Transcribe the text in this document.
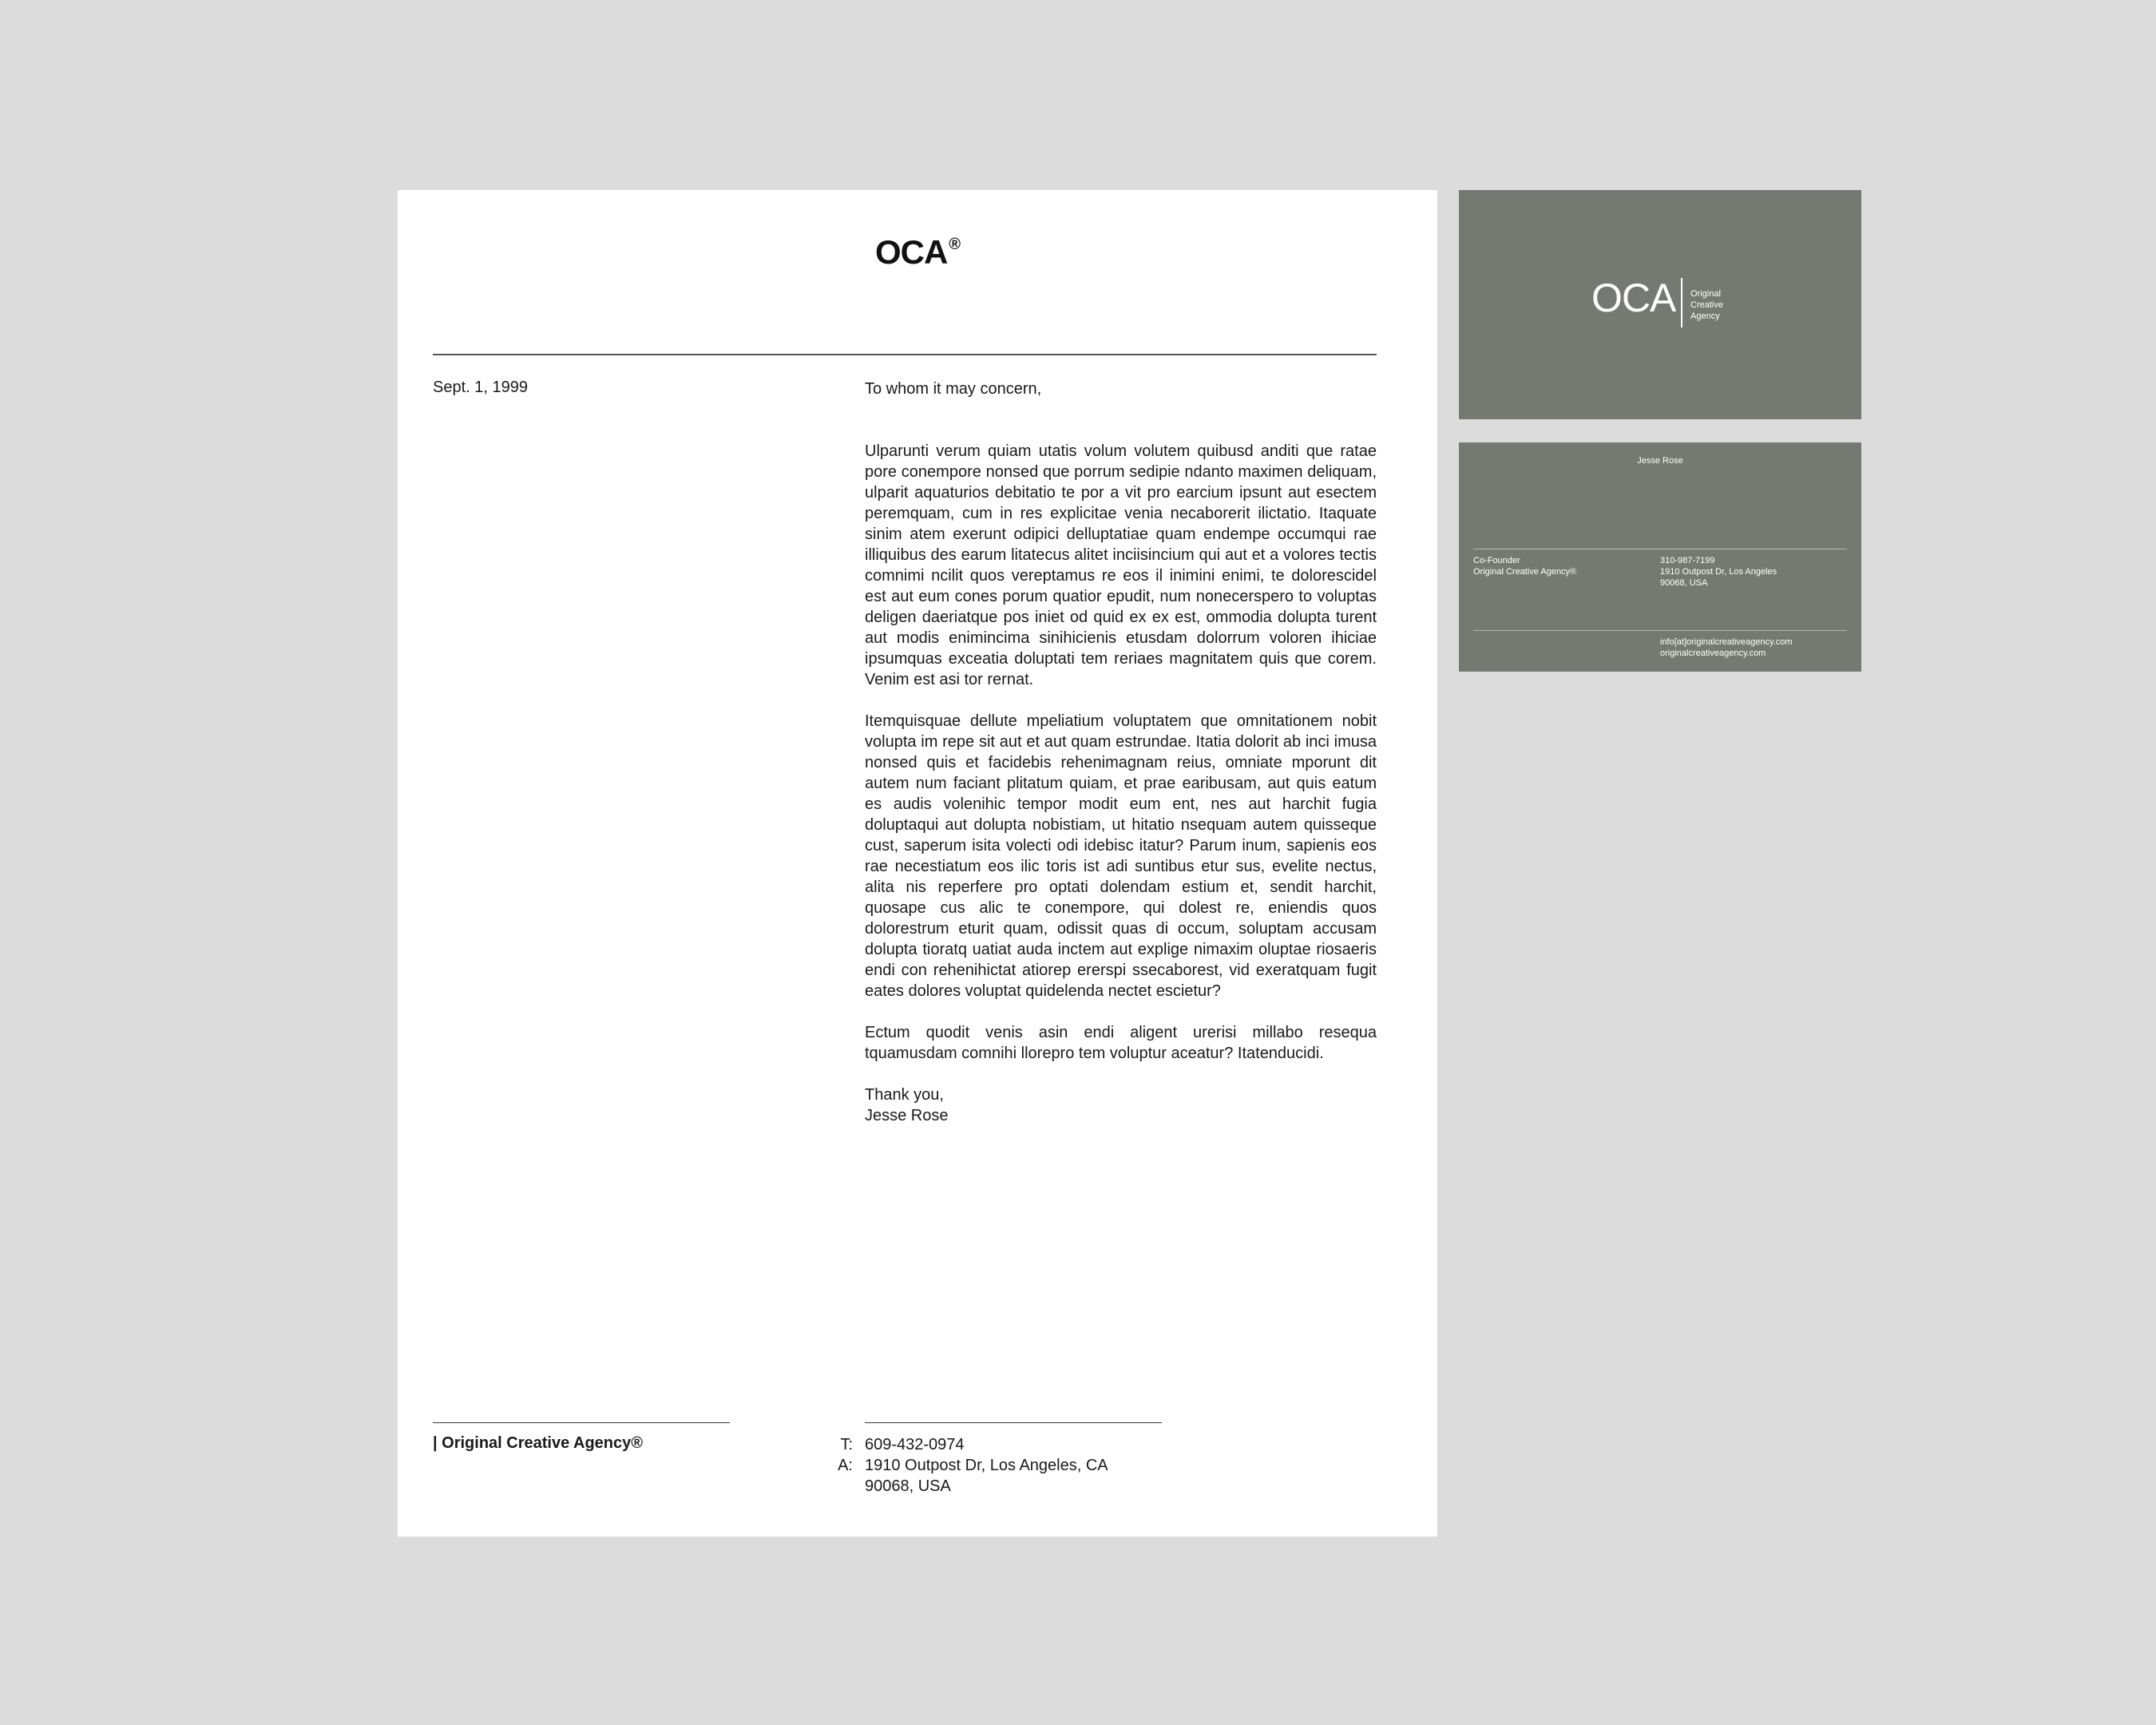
OCA ®
Sept. 1, 1999	To whom it may concern,

Ulparunti verum quiam utatis volum volutem quibusd anditi que ratae pore conempore nonsed que porrum sedipie ndanto maximen deliquam, ulparit aquaturios debitatio te por a vit pro earcium ipsunt aut esectem peremquam, cum in res explicitae venia necaborerit ilictatio. Itaquate sinim atem exerunt odipici delluptatiae quam endempe occumqui rae illiquibus des earum litatecus alitet inciisincium qui aut et a volores tectis comnimi ncilit quos vereptamus re eos il inimini enimi, te dolorescidel est aut eum cones porum quatior epudit, num nonecerspero to voluptas deligen daeriatque pos iniet od quid ex ex est, ommodia dolupta turent aut modis enimincima sinihicienis etusdam dolorrum voloren ihiciae ipsumquas exceatia doluptati tem reriaes magnitatem quis que corem. Venim est asi tor rernat.

Itemquisquae dellute mpeliatium voluptatem que omnitationem nobit volupta im repe sit aut et aut quam estrundae. Itatia dolorit ab inci imusa nonsed quis et facidebis rehenimagnam reius, omniate mporunt dit autem num faciant plitatum quiam, et prae earibusam, aut quis eatum es audis volenihic tempor modit eum ent, nes aut harchit fugia doluptaqui aut dolupta nobistiam, ut hitatio nsequam autem quisseque cust, saperum isita volecti odi idebisc itatur? Parum inum, sapienis eos rae necestiatum eos ilic toris ist adi suntibus etur sus, evelite nectus, alita nis reperfere pro optati dolendam estium et, sendit harchit, quosape cus alic te conempore, qui dolest re, eniendis quos dolorestrum eturit quam, odissit quas di occum, soluptam accusam dolupta tioratq uatiat auda inctem aut explige nimaxim oluptae riosaeris endi con rehenihictat atiorep ererspi ssecaborest, vid exeratquam fugit eates dolores voluptat quidelenda nectet escietur?

Ectum quodit venis asin endi aligent urerisi millabo resequa tquamusdam comnihi llorepro tem voluptur aceatur? Itatenducidi.

Thank you,
Jesse Rose

| Original Creative Agency®	T:
A:
609-432-0974
1910 Outpost Dr, Los Angeles, CA
90068, USA
OCA Original
Creative
Agency
Jesse Rose
Co-Founder
Original Creative Agency®
310-987-7199
1910 Outpost Dr, Los Angeles
90068, USA
info[at]originalcreativeagency.com
originalcreativeagency.com
